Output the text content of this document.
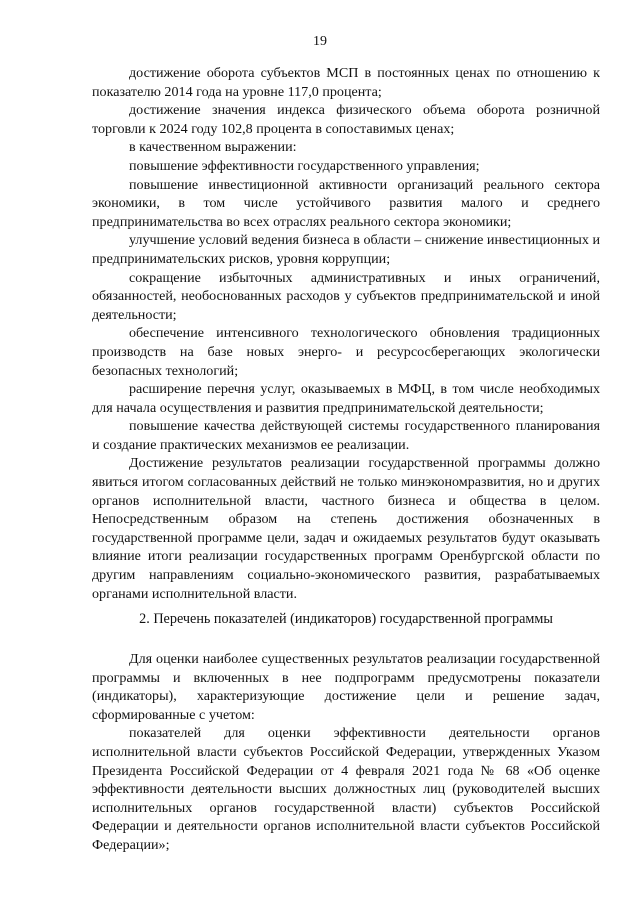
19

достижение оборота субъектов МСП в постоянных ценах по отношению к показателю 2014 года на уровне 117,0 процента;

достижение значения индекса физического объема оборота розничной торговли к 2024 году 102,8 процента в сопоставимых ценах;

в качественном выражении:

повышение эффективности государственного управления;

повышение инвестиционной активности организаций реального сектора экономики, в том числе устойчивого развития малого и среднего предпринимательства во всех отраслях реального сектора экономики;

улучшение условий ведения бизнеса в области – снижение инвестиционных и предпринимательских рисков, уровня коррупции;

сокращение избыточных административных и иных ограничений, обязанностей, необоснованных расходов у субъектов предпринимательской и иной деятельности;

обеспечение интенсивного технологического обновления традиционных производств на базе новых энерго- и ресурсосберегающих экологически безопасных технологий;

расширение перечня услуг, оказываемых в МФЦ, в том числе необходимых для начала осуществления и развития предпринимательской деятельности;

повышение качества действующей системы государственного планирования и создание практических механизмов ее реализации.

Достижение результатов реализации государственной программы должно явиться итогом согласованных действий не только минэкономразвития, но и других органов исполнительной власти, частного бизнеса и общества в целом. Непосредственным образом на степень достижения обозначенных в государственной программе цели, задач и ожидаемых результатов будут оказывать влияние итоги реализации государственных программ Оренбургской области по другим направлениям социально-экономического развития, разрабатываемых органами исполнительной власти.

2. Перечень показателей (индикаторов) государственной программы

Для оценки наиболее существенных результатов реализации государственной программы и включенных в нее подпрограмм предусмотрены показатели (индикаторы), характеризующие достижение цели и решение задач, сформированные с учетом:

показателей для оценки эффективности деятельности органов исполнительной власти субъектов Российской Федерации, утвержденных Указом Президента Российской Федерации от 4 февраля 2021 года № 68 «Об оценке эффективности деятельности высших должностных лиц (руководителей высших исполнительных органов государственной власти) субъектов Российской Федерации и деятельности органов исполнительной власти субъектов Российской Федерации»;
